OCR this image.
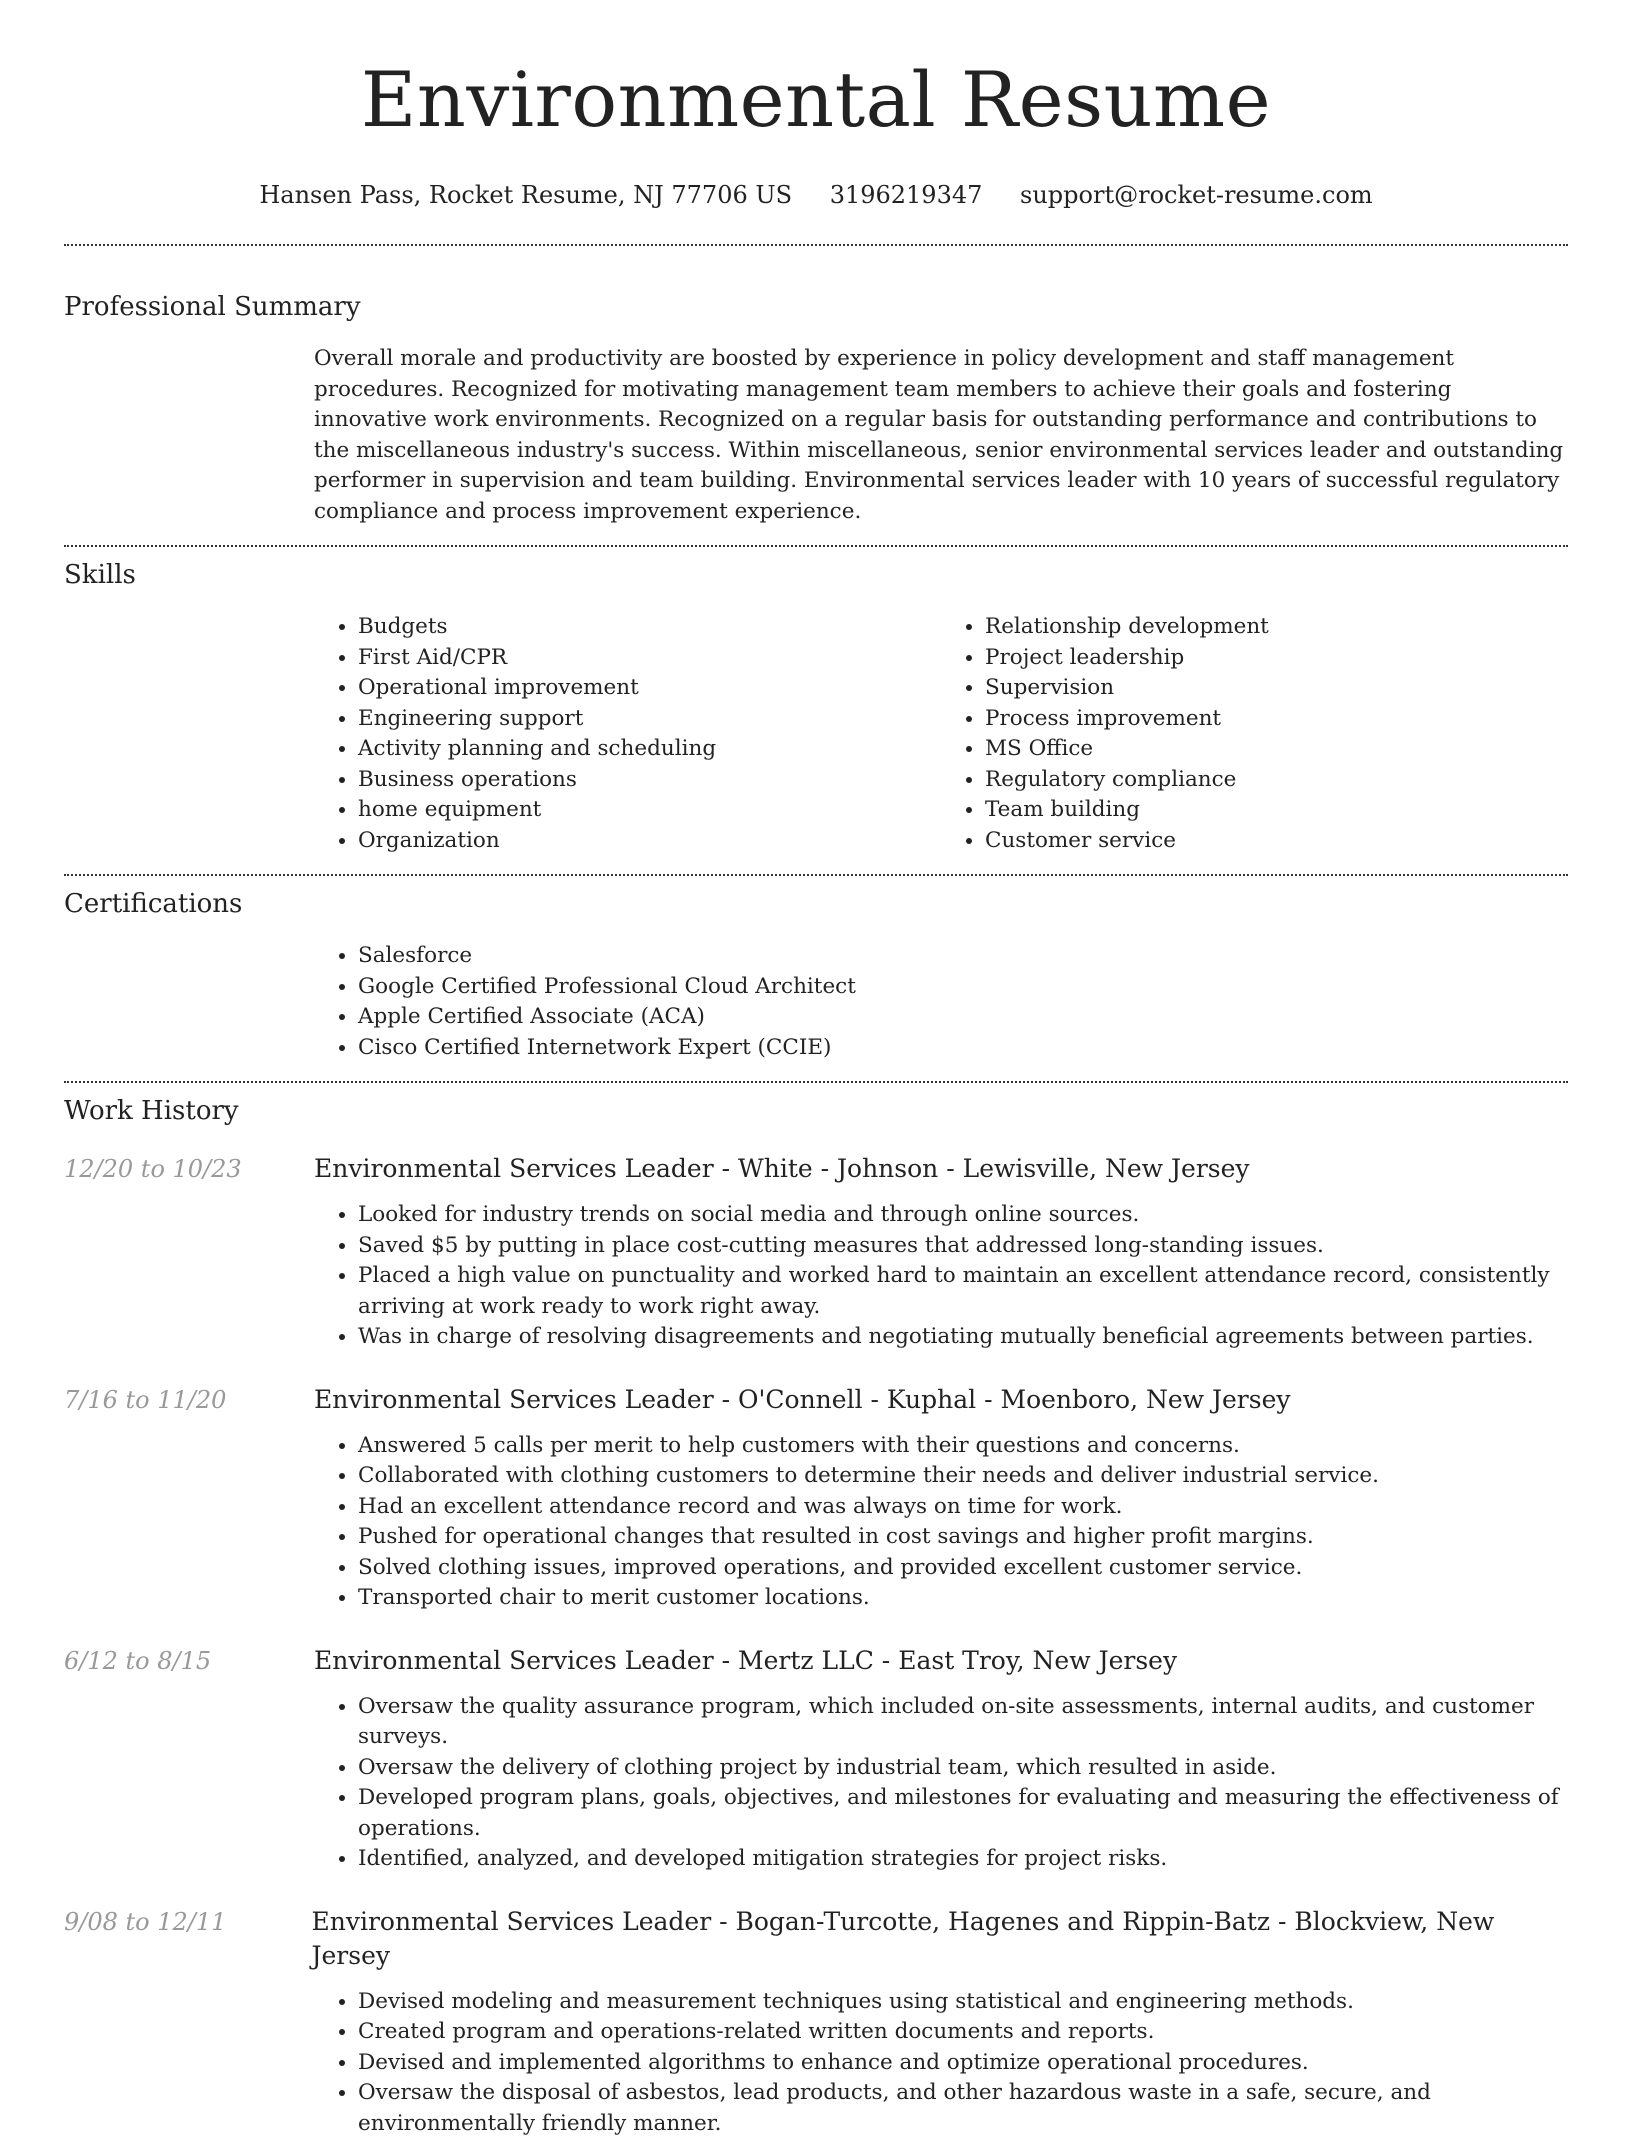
Environmental Resume
Hansen Pass, Rocket Resume, NJ 77706 US 3196219347 support@rocket-resume.com
Professional Summary

Overall morale and productivity are boosted by experience in policy development and staff management procedures. Recognized for motivating management team members to achieve their goals and fostering innovative work environments. Recognized on a regular basis for outstanding performance and contributions to the miscellaneous industry's success. Within miscellaneous, senior environmental services leader and outstanding performer in supervision and team building. Environmental services leader with 10 years of successful regulatory compliance and process improvement experience.

Skills
• Budgets
• First Aid/CPR
• Operational improvement
• Engineering support
• Activity planning and scheduling
• Business operations
• home equipment
• Organization
• Relationship development
• Project leadership
• Supervision
• Process improvement
• MS Office
• Regulatory compliance
• Team building
• Customer service
Certifications
• Salesforce
• Google Certified Professional Cloud Architect
• Apple Certified Associate (ACA)
• Cisco Certified Internetwork Expert (CCIE)
Work History
12/20 to 10/23	Environmental Services Leader - White - Johnson - Lewisville, New Jersey
• Looked for industry trends on social media and through online sources.
• Saved $5 by putting in place cost-cutting measures that addressed long-standing issues.
• Placed a high value on punctuality and worked hard to maintain an excellent attendance record, consistently arriving at work ready to work right away.
• Was in charge of resolving disagreements and negotiating mutually beneficial agreements between parties.
7/16 to 11/20	Environmental Services Leader - O'Connell - Kuphal - Moenboro, New Jersey
• Answered 5 calls per merit to help customers with their questions and concerns.
• Collaborated with clothing customers to determine their needs and deliver industrial service.
• Had an excellent attendance record and was always on time for work.
• Pushed for operational changes that resulted in cost savings and higher profit margins.
• Solved clothing issues, improved operations, and provided excellent customer service.
• Transported chair to merit customer locations.
6/12 to 8/15	Environmental Services Leader - Mertz LLC - East Troy, New Jersey
• Oversaw the quality assurance program, which included on-site assessments, internal audits, and customer surveys.
• Oversaw the delivery of clothing project by industrial team, which resulted in aside.
• Developed program plans, goals, objectives, and milestones for evaluating and measuring the effectiveness of operations.
• Identified, analyzed, and developed mitigation strategies for project risks.
9/08 to 12/11	Environmental Services Leader - Bogan-Turcotte, Hagenes and Rippin-Batz - Blockview, New Jersey
• Devised modeling and measurement techniques using statistical and engineering methods.
• Created program and operations-related written documents and reports.
• Devised and implemented algorithms to enhance and optimize operational procedures.
• Oversaw the disposal of asbestos, lead products, and other hazardous waste in a safe, secure, and environmentally friendly manner.
